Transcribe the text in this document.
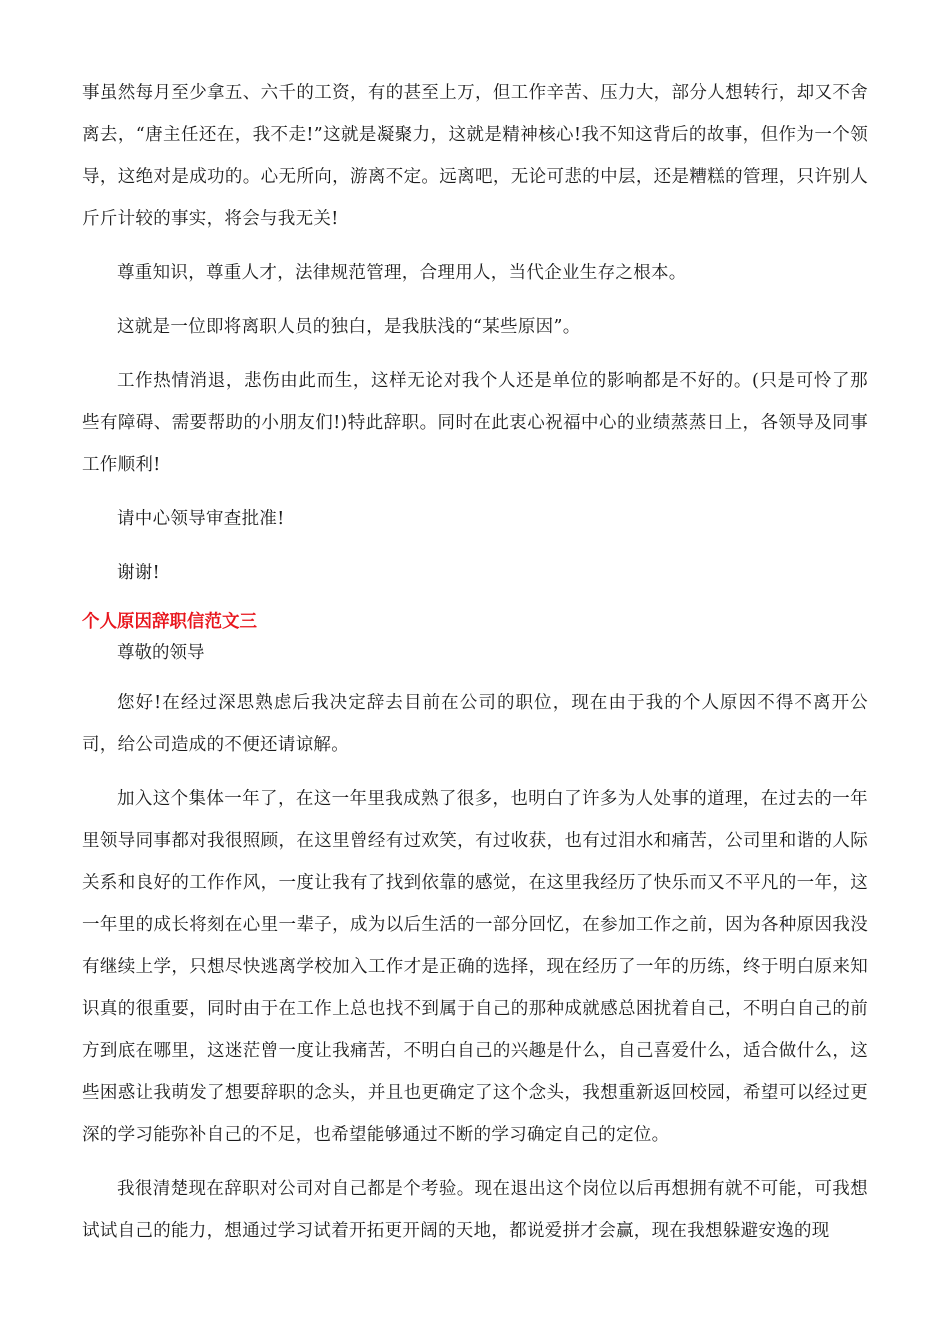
事虽然每月至少拿五、六千的工资，有的甚至上万，但工作辛苦、压力大，部分人想转行，却又不舍离去，“唐主任还在，我不走!”这就是凝聚力，这就是精神核心!我不知这背后的故事，但作为一个领导，这绝对是成功的。心无所向，游离不定。远离吧，无论可悲的中层，还是糟糕的管理，只许别人斤斤计较的事实，将会与我无关!

尊重知识，尊重人才，法律规范管理，合理用人，当代企业生存之根本。

这就是一位即将离职人员的独白，是我肤浅的“某些原因”。

工作热情消退，悲伤由此而生，这样无论对我个人还是单位的影响都是不好的。(只是可怜了那些有障碍、需要帮助的小朋友们!)特此辞职。同时在此衷心祝福中心的业绩蒸蒸日上，各领导及同事工作顺利!

请中心领导审查批准!

谢谢!

个人原因辞职信范文三

尊敬的领导

您好!在经过深思熟虑后我决定辞去目前在公司的职位，现在由于我的个人原因不得不离开公司，给公司造成的不便还请谅解。

加入这个集体一年了，在这一年里我成熟了很多，也明白了许多为人处事的道理，在过去的一年里领导同事都对我很照顾，在这里曾经有过欢笑，有过收获，也有过泪水和痛苦，公司里和谐的人际关系和良好的工作作风，一度让我有了找到依靠的感觉，在这里我经历了快乐而又不平凡的一年，这一年里的成长将刻在心里一辈子，成为以后生活的一部分回忆，在参加工作之前，因为各种原因我没有继续上学，只想尽快逃离学校加入工作才是正确的选择，现在经历了一年的历练，终于明白原来知识真的很重要，同时由于在工作上总也找不到属于自己的那种成就感总困扰着自己，不明白自己的前方到底在哪里，这迷茫曾一度让我痛苦，不明白自己的兴趣是什么，自己喜爱什么，适合做什么，这些困惑让我萌发了想要辞职的念头，并且也更确定了这个念头，我想重新返回校园，希望可以经过更深的学习能弥补自己的不足，也希望能够通过不断的学习确定自己的定位。

我很清楚现在辞职对公司对自己都是个考验。现在退出这个岗位以后再想拥有就不可能，可我想试试自己的能力，想通过学习试着开拓更开阔的天地，都说爱拼才会赢，现在我想躲避安逸的现
